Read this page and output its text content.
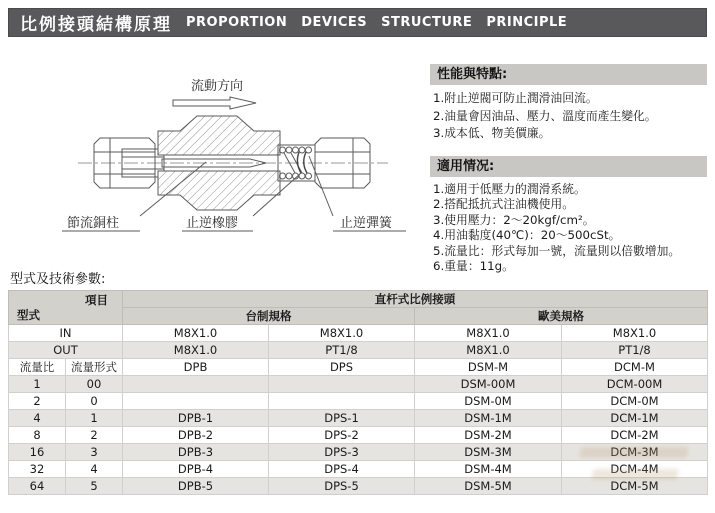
比例接頭結構原理 PROPORTION DEVICES STRUCTURE PRINCIPLE
流動方向
節流銅柱	止逆橡膠	止逆彈簧
性能與特點:
1.附止逆閥可防止潤滑油回流。
2.油量會因油品、壓力、溫度而產生變化。
3.成本低、物美價廉。
適用情况:
1.適用于低壓力的潤滑系統。
2.搭配抵抗式注油機使用。
3.使用壓力：2～20kgf/cm²。
4.用油黏度(40℃)：20～500cSt。
5.流量比：形式每加一號，流量則以倍數增加。
6.重量：11g。
型式及技術參數:
項目
型式		直杆式比例接頭			
		台制規格		歐美規格	
IN		M8X1.0	M8X1.0	M8X1.0	M8X1.0
OUT		M8X1.0	PT1/8	M8X1.0	PT1/8
流量比	流量形式	DPB	DPS	DSM-M	DCM-M
1	00			DSM-00M	DCM-00M
2	0			DSM-0M	DCM-0M
4	1	DPB-1	DPS-1	DSM-1M	DCM-1M
8	2	DPB-2	DPS-2	DSM-2M	DCM-2M
16	3	DPB-3	DPS-3	DSM-3M	DCM-3M
32	4	DPB-4	DPS-4	DSM-4M	DCM-4M
64	5	DPB-5	DPS-5	DSM-5M	DCM-5M
